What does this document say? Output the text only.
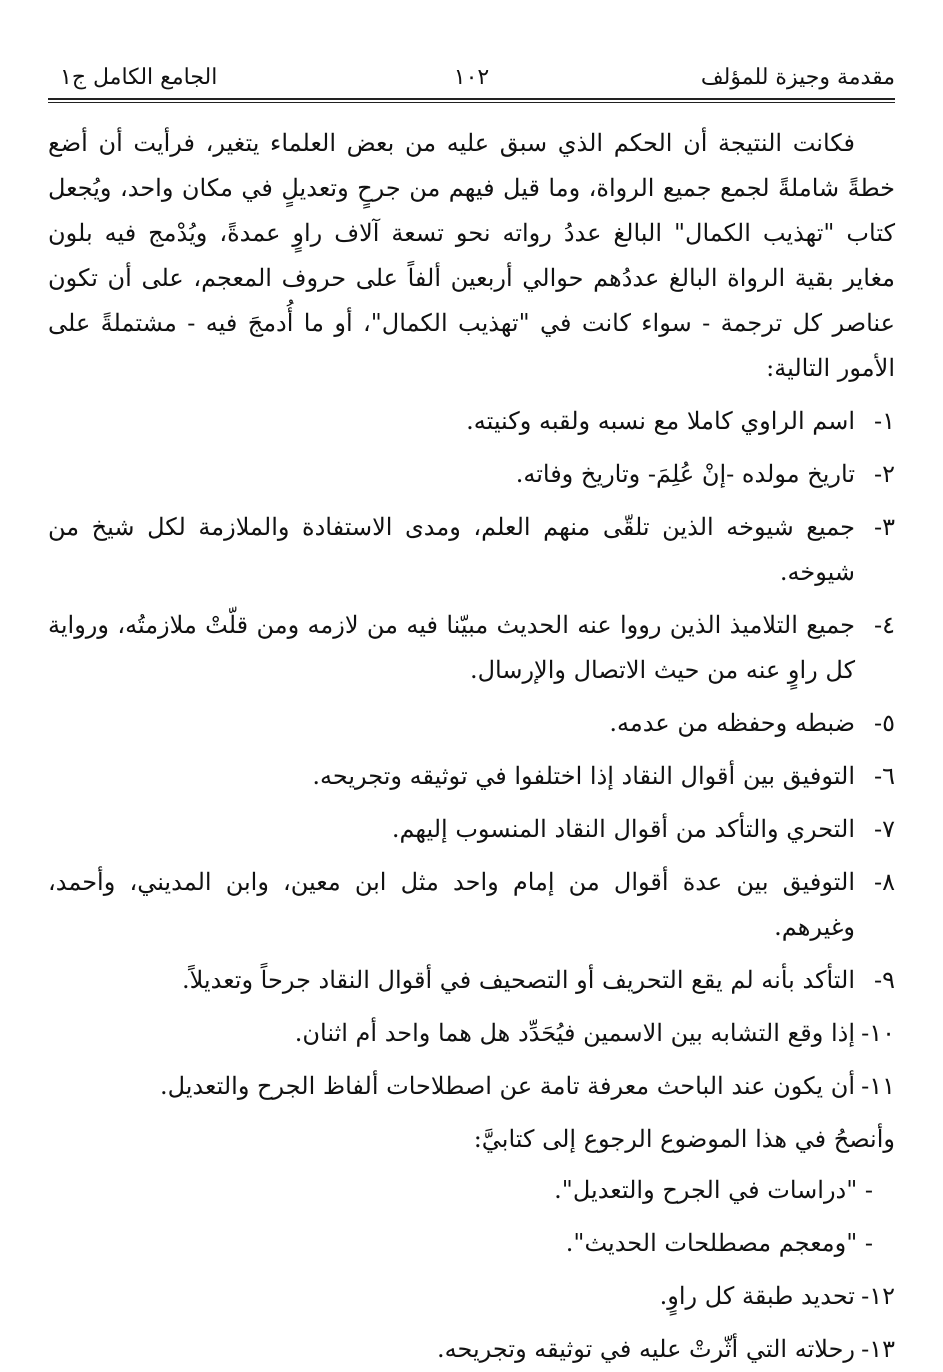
مقدمة وجيزة للمؤلف
١٠٢
الجامع الكامل ج١

فكانت النتيجة أن الحكم الذي سبق عليه من بعض العلماء يتغير، فرأيت أن أضع خطةً شاملةً لجمع جميع الرواة، وما قيل فيهم من جرحٍ وتعديلٍ في مكان واحد، ويُجعل كتاب "تهذيب الكمال" البالغ عددُ رواته نحو تسعة آلاف راوٍ عمدةً، ويُدْمج فيه بلون مغاير بقية الرواة البالغ عددُهم حوالي أربعين ألفاً على حروف المعجم، على أن تكون عناصر كل ترجمة - سواء كانت في "تهذيب الكمال"، أو ما أُدمجَ فيه - مشتملةً على الأمور التالية:

١-
اسم الراوي كاملا مع نسبه ولقبه وكنيته.
٢-
تاريخ مولده -إنْ عُلِمَ- وتاريخ وفاته.
٣-
جميع شيوخه الذين تلقّى منهم العلم، ومدى الاستفادة والملازمة لكل شيخ من شيوخه.
٤-
جميع التلاميذ الذين رووا عنه الحديث مبيّنا فيه من لازمه ومن قلّتْ ملازمتُه، ورواية كل راوٍ عنه من حيث الاتصال والإرسال.
٥-
ضبطه وحفظه من عدمه.
٦-
التوفيق بين أقوال النقاد إذا اختلفوا في توثيقه وتجريحه.
٧-
التحري والتأكد من أقوال النقاد المنسوب إليهم.
٨-
التوفيق بين عدة أقوال من إمام واحد مثل ابن معين، وابن المديني، وأحمد، وغيرهم.
٩-
التأكد بأنه لم يقع التحريف أو التصحيف في أقوال النقاد جرحاً وتعديلاً.
١٠-
إذا وقع التشابه بين الاسمين فيُحَدِّد هل هما واحد أم اثنان.
١١-
أن يكون عند الباحث معرفة تامة عن اصطلاحات ألفاظ الجرح والتعديل.

وأنصحُ في هذا الموضوع الرجوع إلى كتابيَّ:

- "دراسات في الجرح والتعديل".
- "ومعجم مصطلحات الحديث".
١٢-
تحديد طبقة كل راوٍ.
١٣-
رحلاته التي أثّرتْ عليه في توثيقه وتجريحه.
